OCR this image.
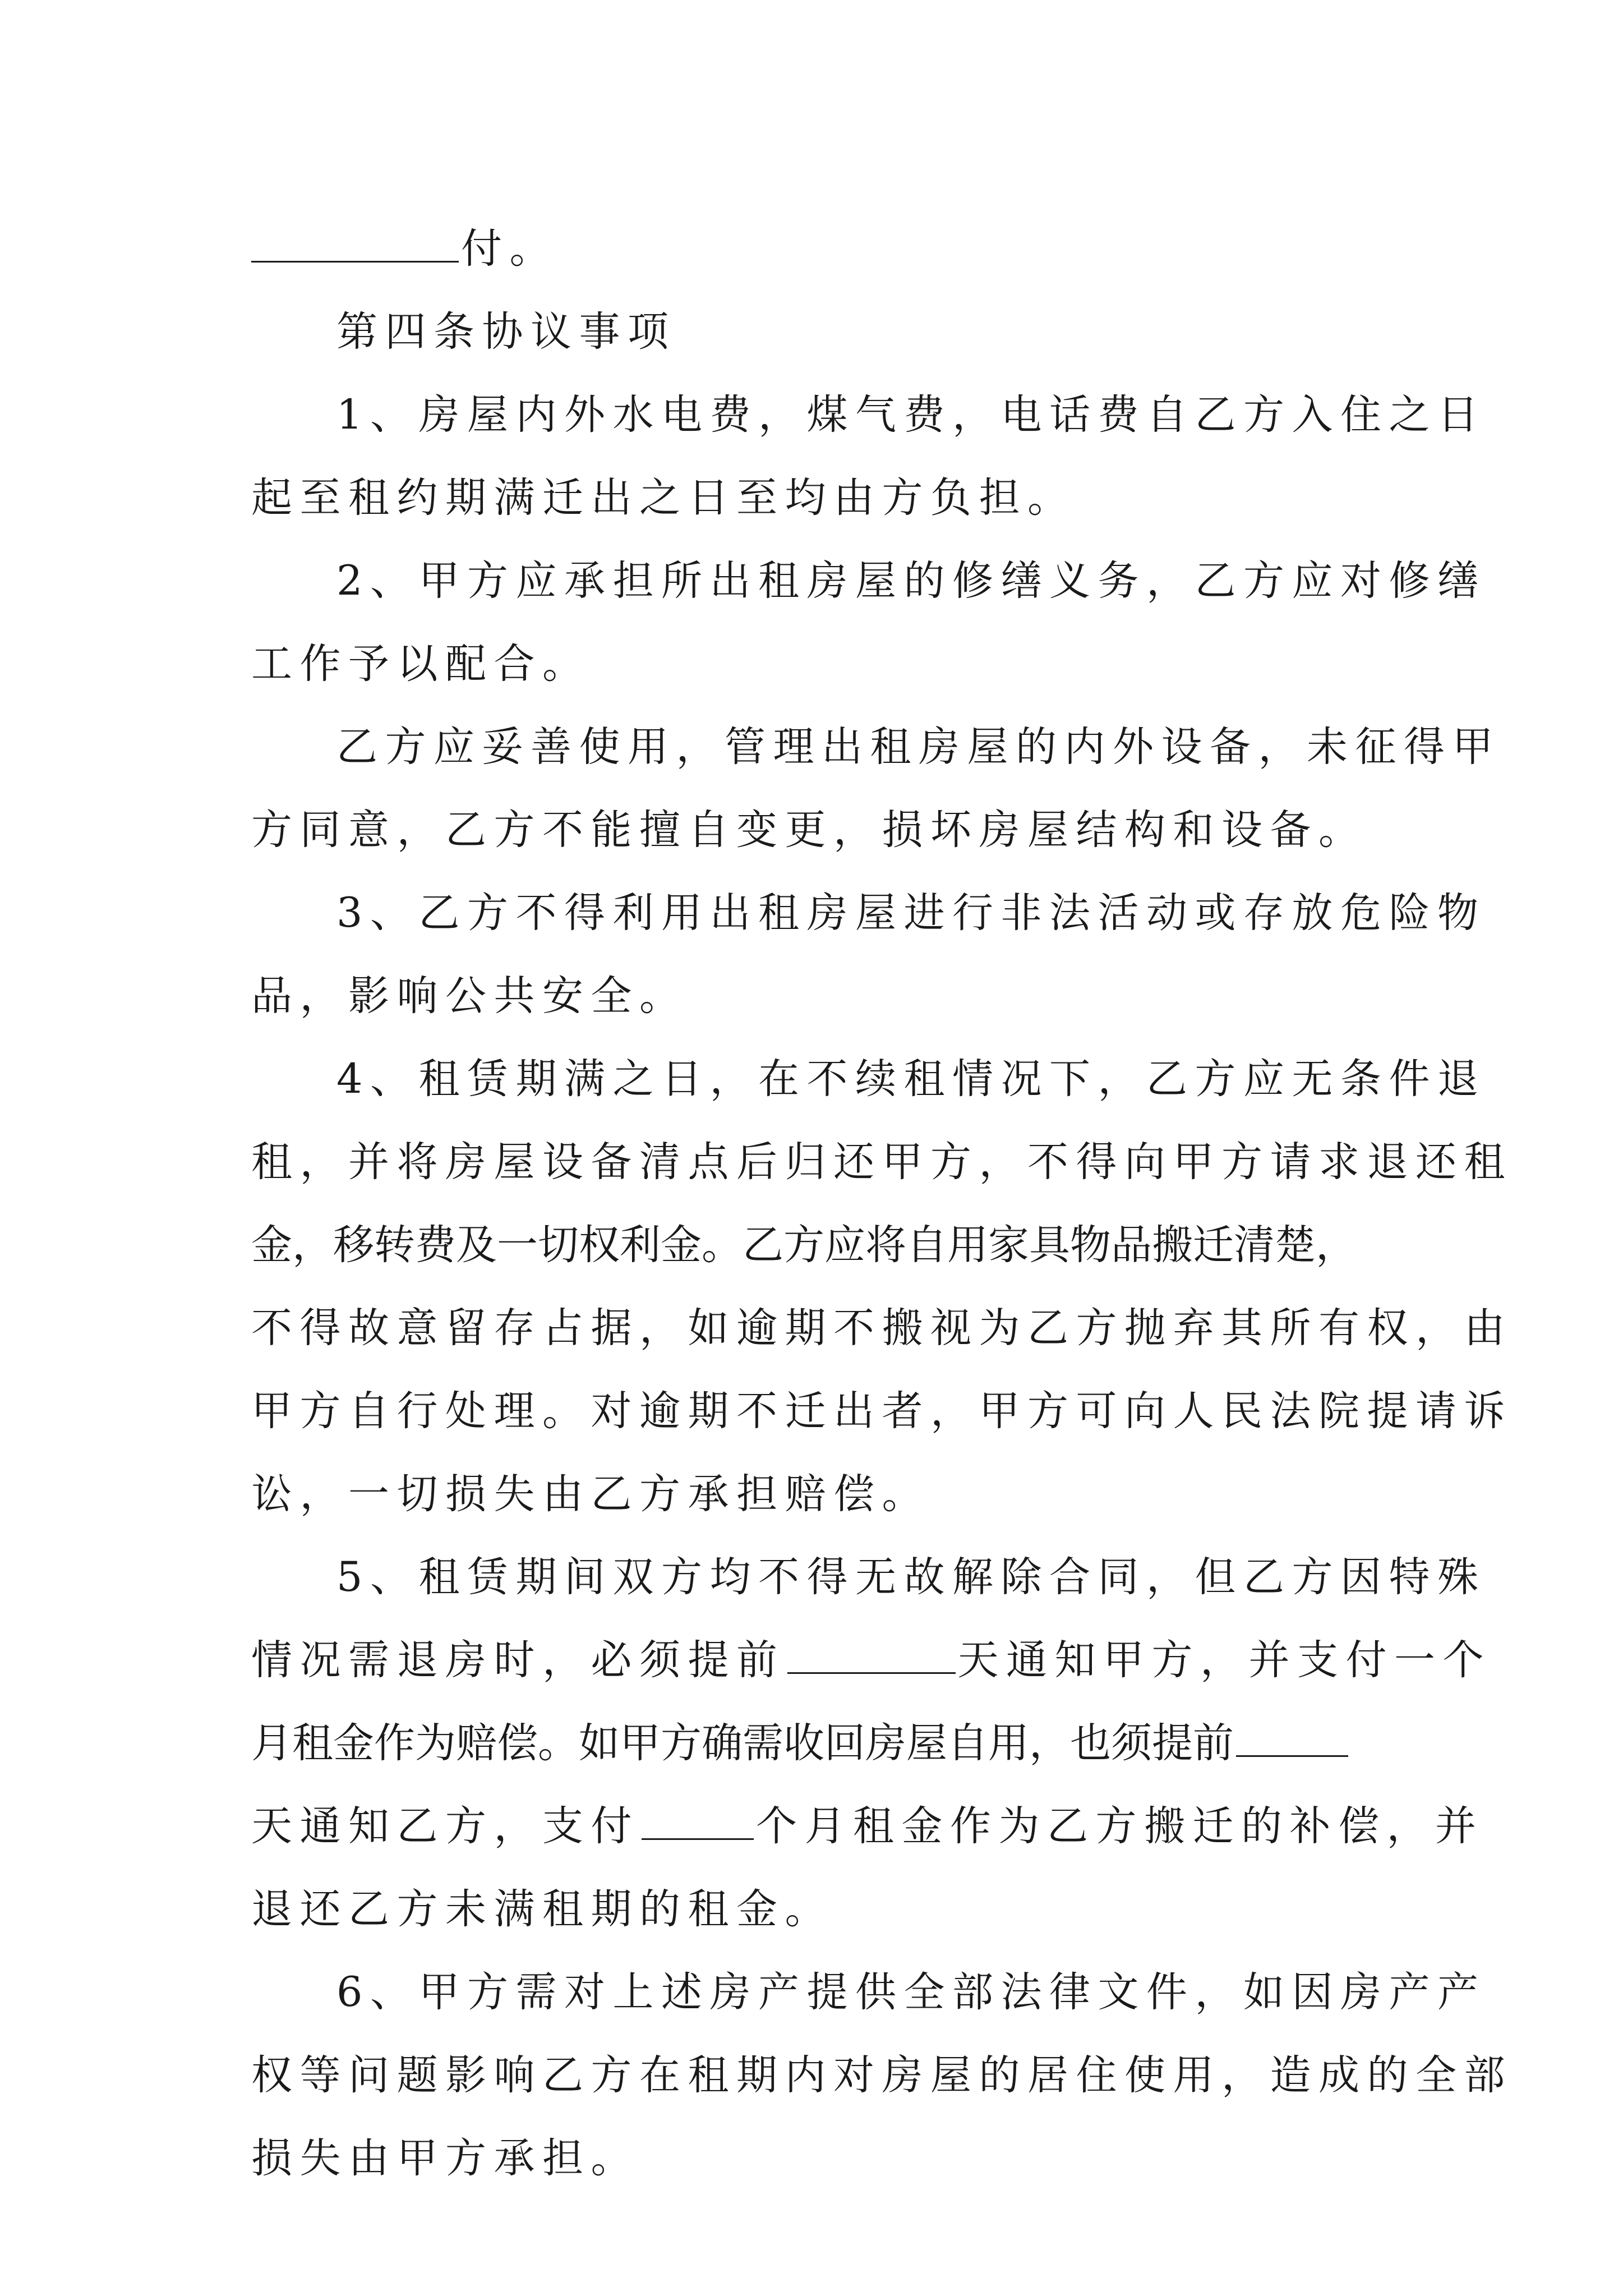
付。
第四条协议事项
1、房屋内外水电费，煤气费，电话费自乙方入住之日
起至租约期满迁出之日至均由方负担。
2、甲方应承担所出租房屋的修缮义务，乙方应对修缮
工作予以配合。
乙方应妥善使用，管理出租房屋的内外设备，未征得甲
方同意，乙方不能擅自变更，损坏房屋结构和设备。
3、乙方不得利用出租房屋进行非法活动或存放危险物
品，影响公共安全。
4、租赁期满之日，在不续租情况下，乙方应无条件退
租，并将房屋设备清点后归还甲方，不得向甲方请求退还租
金，移转费及一切权利金。乙方应将自用家具物品搬迁清楚，
不得故意留存占据，如逾期不搬视为乙方抛弃其所有权，由
甲方自行处理。对逾期不迁出者，甲方可向人民法院提请诉
讼，一切损失由乙方承担赔偿。
5、租赁期间双方均不得无故解除合同，但乙方因特殊
情况需退房时，必须提前	天通知甲方，并支付一个
月租金作为赔偿。如甲方确需收回房屋自用，也须提前
天通知乙方，支付	个月租金作为乙方搬迁的补偿，并
退还乙方未满租期的租金。
6、甲方需对上述房产提供全部法律文件，如因房产产
权等问题影响乙方在租期内对房屋的居住使用，造成的全部
损失由甲方承担。
